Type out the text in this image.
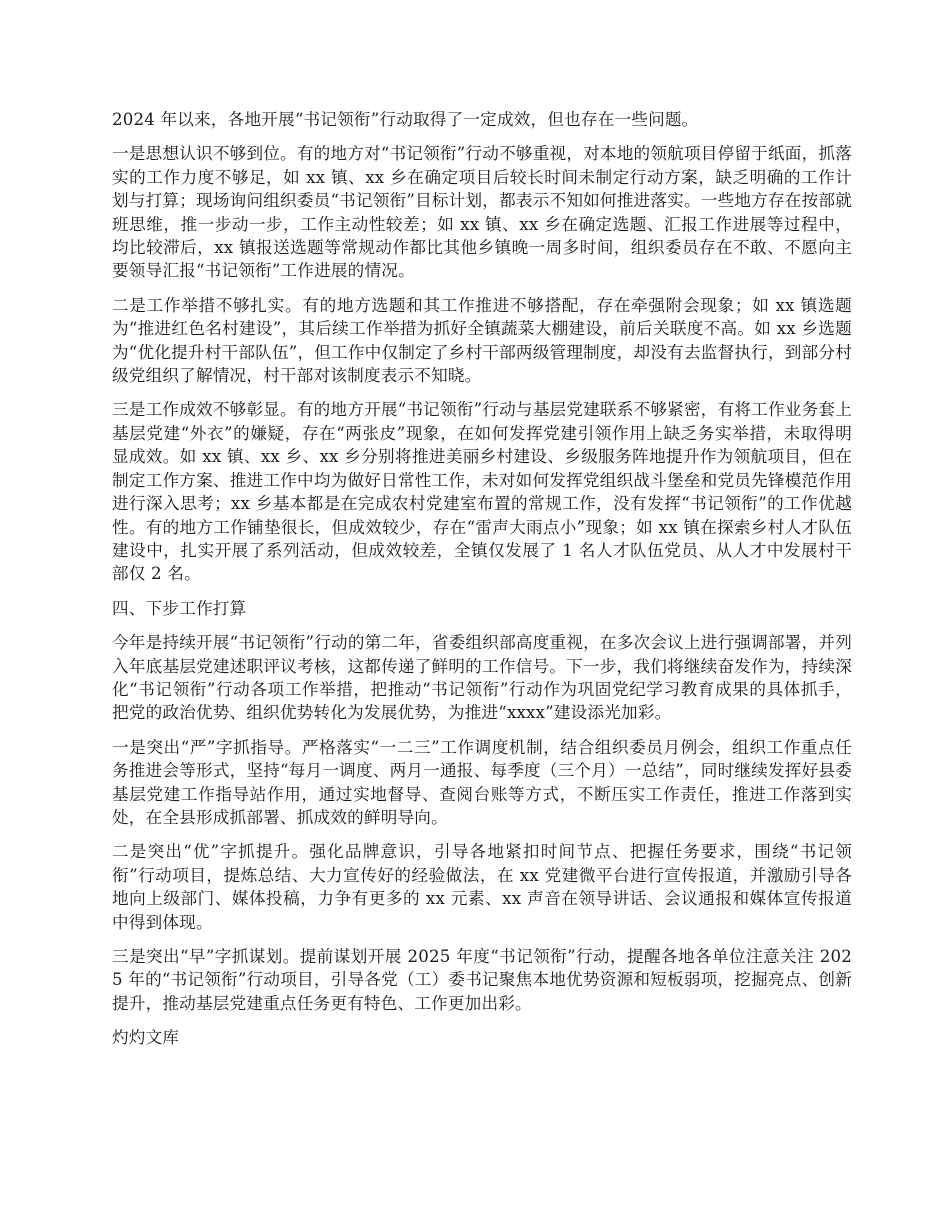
2024 年以来，各地开展“书记领衔”行动取得了一定成效，但也存在一些问题。

一是思想认识不够到位。有的地方对“书记领衔”行动不够重视，对本地的领航项目停留于纸面，抓落实的工作力度不够足，如 xx 镇、xx 乡在确定项目后较长时间未制定行动方案，缺乏明确的工作计划与打算；现场询问组织委员“书记领衔”目标计划，都表示不知如何推进落实。一些地方存在按部就班思维，推一步动一步，工作主动性较差；如 xx 镇、xx 乡在确定选题、汇报工作进展等过程中，均比较滞后，xx 镇报送选题等常规动作都比其他乡镇晚一周多时间，组织委员存在不敢、不愿向主要领导汇报“书记领衔”工作进展的情况。

二是工作举措不够扎实。有的地方选题和其工作推进不够搭配，存在牵强附会现象；如 xx 镇选题为“推进红色名村建设”，其后续工作举措为抓好全镇蔬菜大棚建设，前后关联度不高。如 xx 乡选题为“优化提升村干部队伍”，但工作中仅制定了乡村干部两级管理制度，却没有去监督执行，到部分村级党组织了解情况，村干部对该制度表示不知晓。

三是工作成效不够彰显。有的地方开展“书记领衔”行动与基层党建联系不够紧密，有将工作业务套上基层党建“外衣”的嫌疑，存在“两张皮”现象，在如何发挥党建引领作用上缺乏务实举措，未取得明显成效。如 xx 镇、xx 乡、xx 乡分别将推进美丽乡村建设、乡级服务阵地提升作为领航项目，但在制定工作方案、推进工作中均为做好日常性工作，未对如何发挥党组织战斗堡垒和党员先锋模范作用进行深入思考；xx 乡基本都是在完成农村党建室布置的常规工作，没有发挥“书记领衔”的工作优越性。有的地方工作铺垫很长，但成效较少，存在“雷声大雨点小”现象；如 xx 镇在探索乡村人才队伍建设中，扎实开展了系列活动，但成效较差，全镇仅发展了 1 名人才队伍党员、从人才中发展村干部仅 2 名。

四、下步工作打算

今年是持续开展“书记领衔”行动的第二年，省委组织部高度重视，在多次会议上进行强调部署，并列入年底基层党建述职评议考核，这都传递了鲜明的工作信号。下一步，我们将继续奋发作为，持续深化“书记领衔”行动各项工作举措，把推动“书记领衔”行动作为巩固党纪学习教育成果的具体抓手，把党的政治优势、组织优势转化为发展优势，为推进“xxxx”建设添光加彩。

一是突出“严”字抓指导。严格落实“一二三”工作调度机制，结合组织委员月例会，组织工作重点任务推进会等形式，坚持“每月一调度、两月一通报、每季度（三个月）一总结”，同时继续发挥好县委基层党建工作指导站作用，通过实地督导、查阅台账等方式，不断压实工作责任，推进工作落到实处，在全县形成抓部署、抓成效的鲜明导向。

二是突出“优”字抓提升。强化品牌意识，引导各地紧扣时间节点、把握任务要求，围绕“书记领衔”行动项目，提炼总结、大力宣传好的经验做法，在 xx 党建微平台进行宣传报道，并激励引导各地向上级部门、媒体投稿，力争有更多的 xx 元素、xx 声音在领导讲话、会议通报和媒体宣传报道中得到体现。

三是突出“早”字抓谋划。提前谋划开展 2025 年度“书记领衔”行动，提醒各地各单位注意关注 2025 年的“书记领衔”行动项目，引导各党（工）委书记聚焦本地优势资源和短板弱项，挖掘亮点、创新提升，推动基层党建重点任务更有特色、工作更加出彩。

灼灼文库
